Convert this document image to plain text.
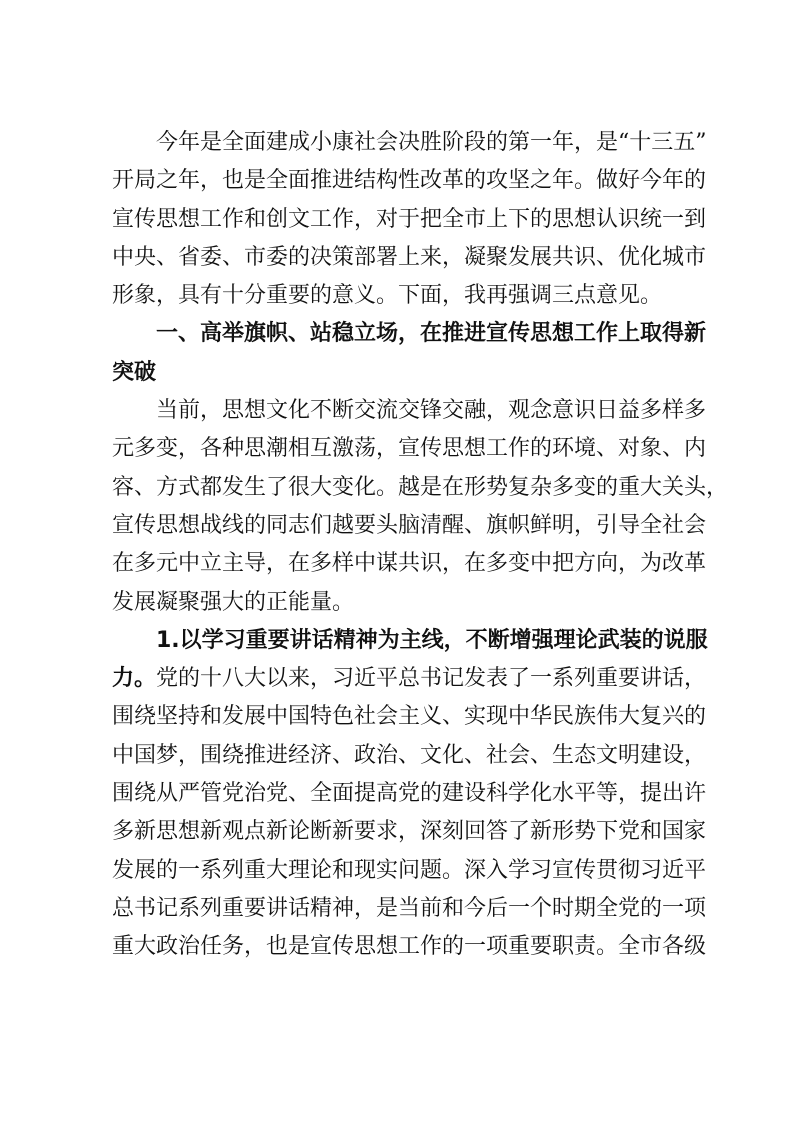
今年是全面建成小康社会决胜阶段的第一年，是“十三五”
开局之年，也是全面推进结构性改革的攻坚之年。做好今年的
宣传思想工作和创文工作，对于把全市上下的思想认识统一到
中央、省委、市委的决策部署上来，凝聚发展共识、优化城市
形象，具有十分重要的意义。下面，我再强调三点意见。
一、高举旗帜、站稳立场，在推进宣传思想工作上取得新
突破
当前，思想文化不断交流交锋交融，观念意识日益多样多
元多变，各种思潮相互激荡，宣传思想工作的环境、对象、内
容、方式都发生了很大变化。越是在形势复杂多变的重大关头，
宣传思想战线的同志们越要头脑清醒、旗帜鲜明，引导全社会
在多元中立主导，在多样中谋共识，在多变中把方向，为改革
发展凝聚强大的正能量。
1.以学习重要讲话精神为主线，不断增强理论武装的说服
力。党的十八大以来，习近平总书记发表了一系列重要讲话，
围绕坚持和发展中国特色社会主义、实现中华民族伟大复兴的
中国梦，围绕推进经济、政治、文化、社会、生态文明建设，
围绕从严管党治党、全面提高党的建设科学化水平等，提出许
多新思想新观点新论断新要求，深刻回答了新形势下党和国家
发展的一系列重大理论和现实问题。深入学习宣传贯彻习近平
总书记系列重要讲话精神，是当前和今后一个时期全党的一项
重大政治任务，也是宣传思想工作的一项重要职责。全市各级
